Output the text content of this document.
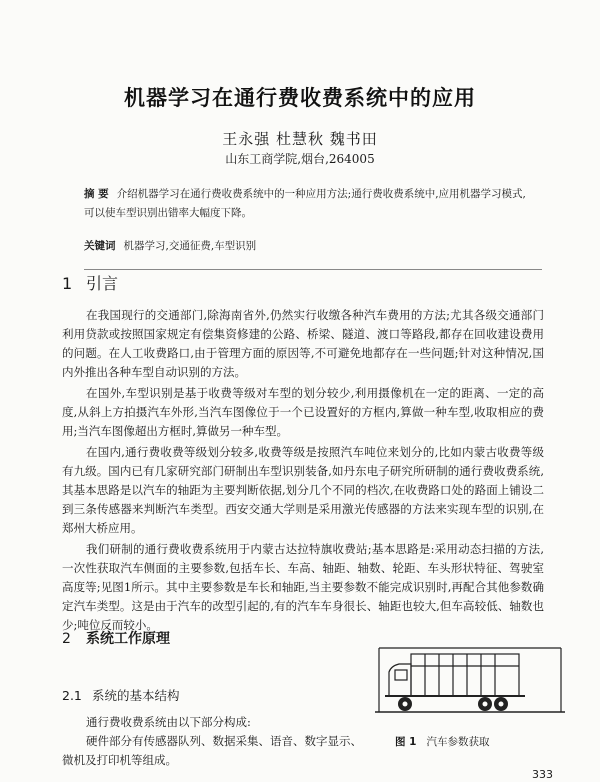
机器学习在通行费收费系统中的应用
王永强 杜慧秋 魏书田
山东工商学院,烟台,264005
摘 要 介绍机器学习在通行费收费系统中的一种应用方法;通行费收费系统中,应用机器学习模式,可以使车型识别出错率大幅度下降。
关键词 机器学习,交通征费,车型识别
1 引言

在我国现行的交通部门,除海南省外,仍然实行收缴各种汽车费用的方法;尤其各级交通部门利用贷款或按照国家规定有偿集资修建的公路、桥梁、隧道、渡口等路段,都存在回收建设费用的问题。在人工收费路口,由于管理方面的原因等,不可避免地都存在一些问题;针对这种情况,国内外推出各种车型自动识别的方法。

在国外,车型识别是基于收费等级对车型的划分较少,利用摄像机在一定的距离、一定的高度,从斜上方拍摄汽车外形,当汽车图像位于一个已设置好的方框内,算做一种车型,收取相应的费用;当汽车图像超出方框时,算做另一种车型。

在国内,通行费收费等级划分较多,收费等级是按照汽车吨位来划分的,比如内蒙古收费等级有九级。国内已有几家研究部门研制出车型识别装备,如丹东电子研究所研制的通行费收费系统,其基本思路是以汽车的轴距为主要判断依据,划分几个不同的档次,在收费路口处的路面上铺设二到三条传感器来判断汽车类型。西安交通大学则是采用激光传感器的方法来实现车型的识别,在郑州大桥应用。

我们研制的通行费收费系统用于内蒙古达拉特旗收费站;基本思路是:采用动态扫描的方法,一次性获取汽车侧面的主要参数,包括车长、车高、轴距、轴数、轮距、车头形状特征、驾驶室高度等;见图1所示。其中主要参数是车长和轴距,当主要参数不能完成识别时,再配合其他参数确定汽车类型。这是由于汽车的改型引起的,有的汽车车身很长、轴距也较大,但车高较低、轴数也少;吨位反而较小。

2 系统工作原理
2.1 系统的基本结构

通行费收费系统由以下部分构成:

硬件部分有传感器队列、数据采集、语音、数字显示、微机及打印机等组成。

图 1 汽车参数获取
333
